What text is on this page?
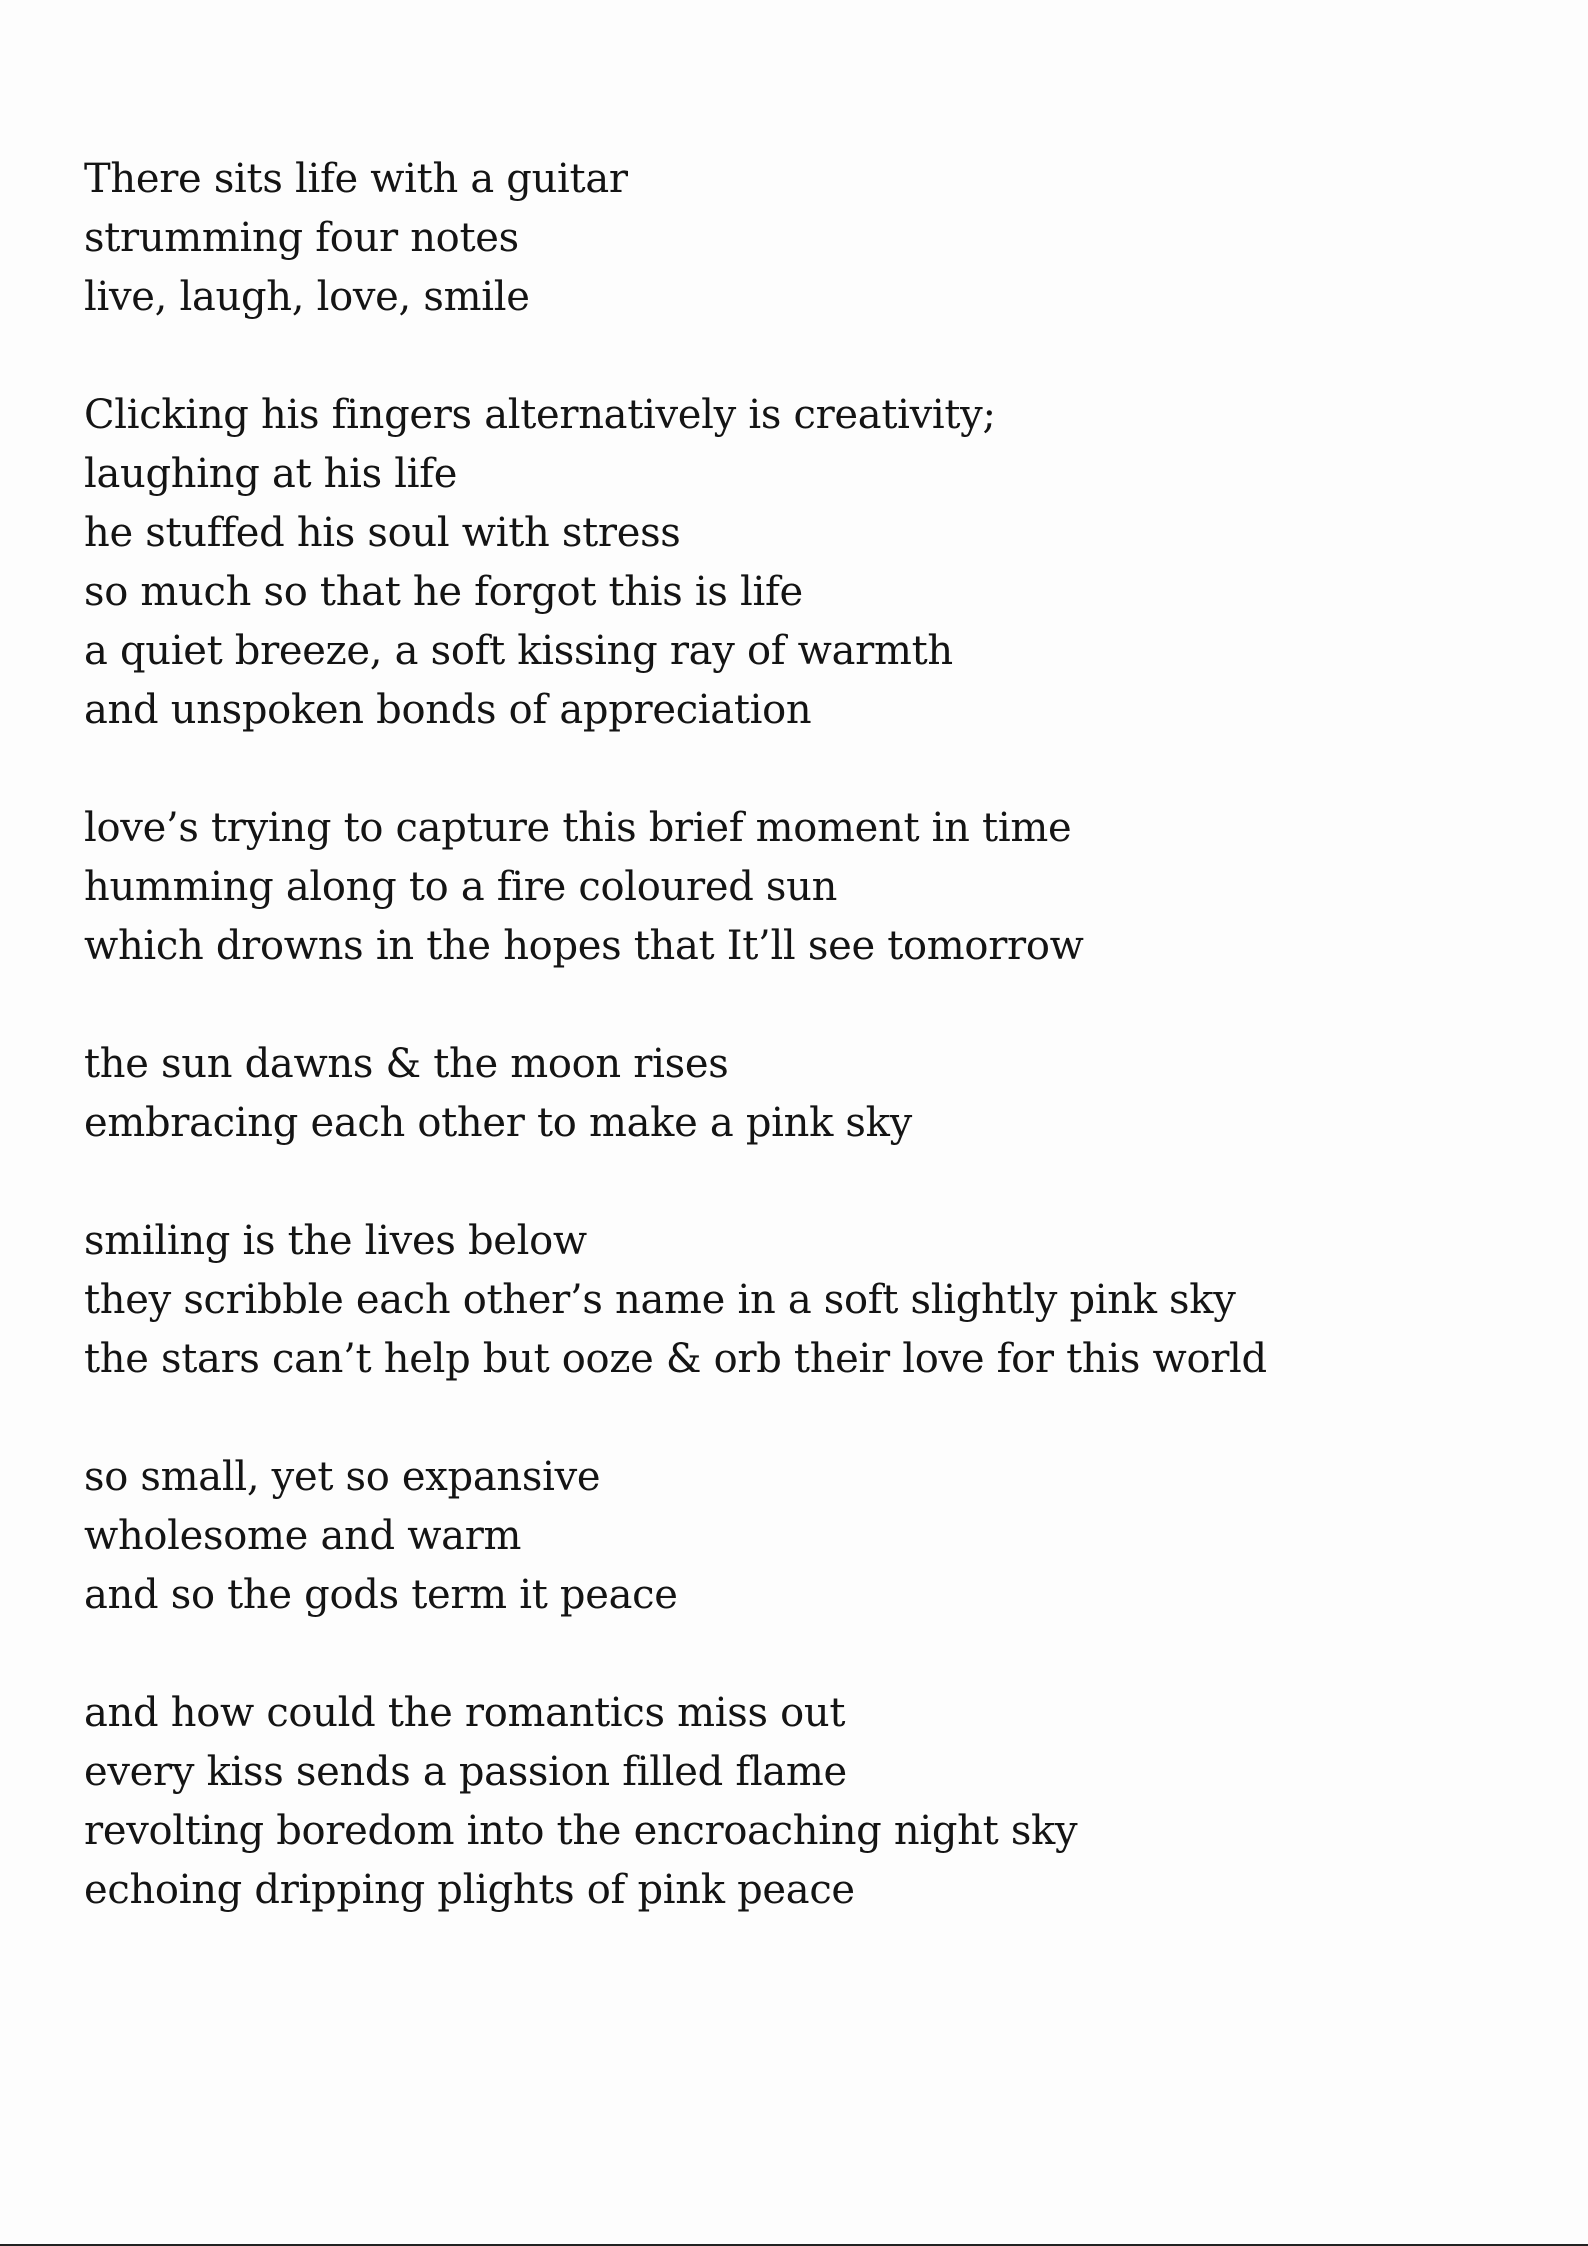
There sits life with a guitar
strumming four notes
live, laugh, love, smile
Clicking his fingers alternatively is creativity;
laughing at his life
he stuffed his soul with stress
so much so that he forgot this is life
a quiet breeze, a soft kissing ray of warmth
and unspoken bonds of appreciation
love’s trying to capture this brief moment in time
humming along to a fire coloured sun
which drowns in the hopes that It’ll see tomorrow
the sun dawns & the moon rises
embracing each other to make a pink sky
smiling is the lives below
they scribble each other’s name in a soft slightly pink sky
the stars can’t help but ooze & orb their love for this world
so small, yet so expansive
wholesome and warm
and so the gods term it peace
and how could the romantics miss out
every kiss sends a passion filled flame
revolting boredom into the encroaching night sky
echoing dripping plights of pink peace
